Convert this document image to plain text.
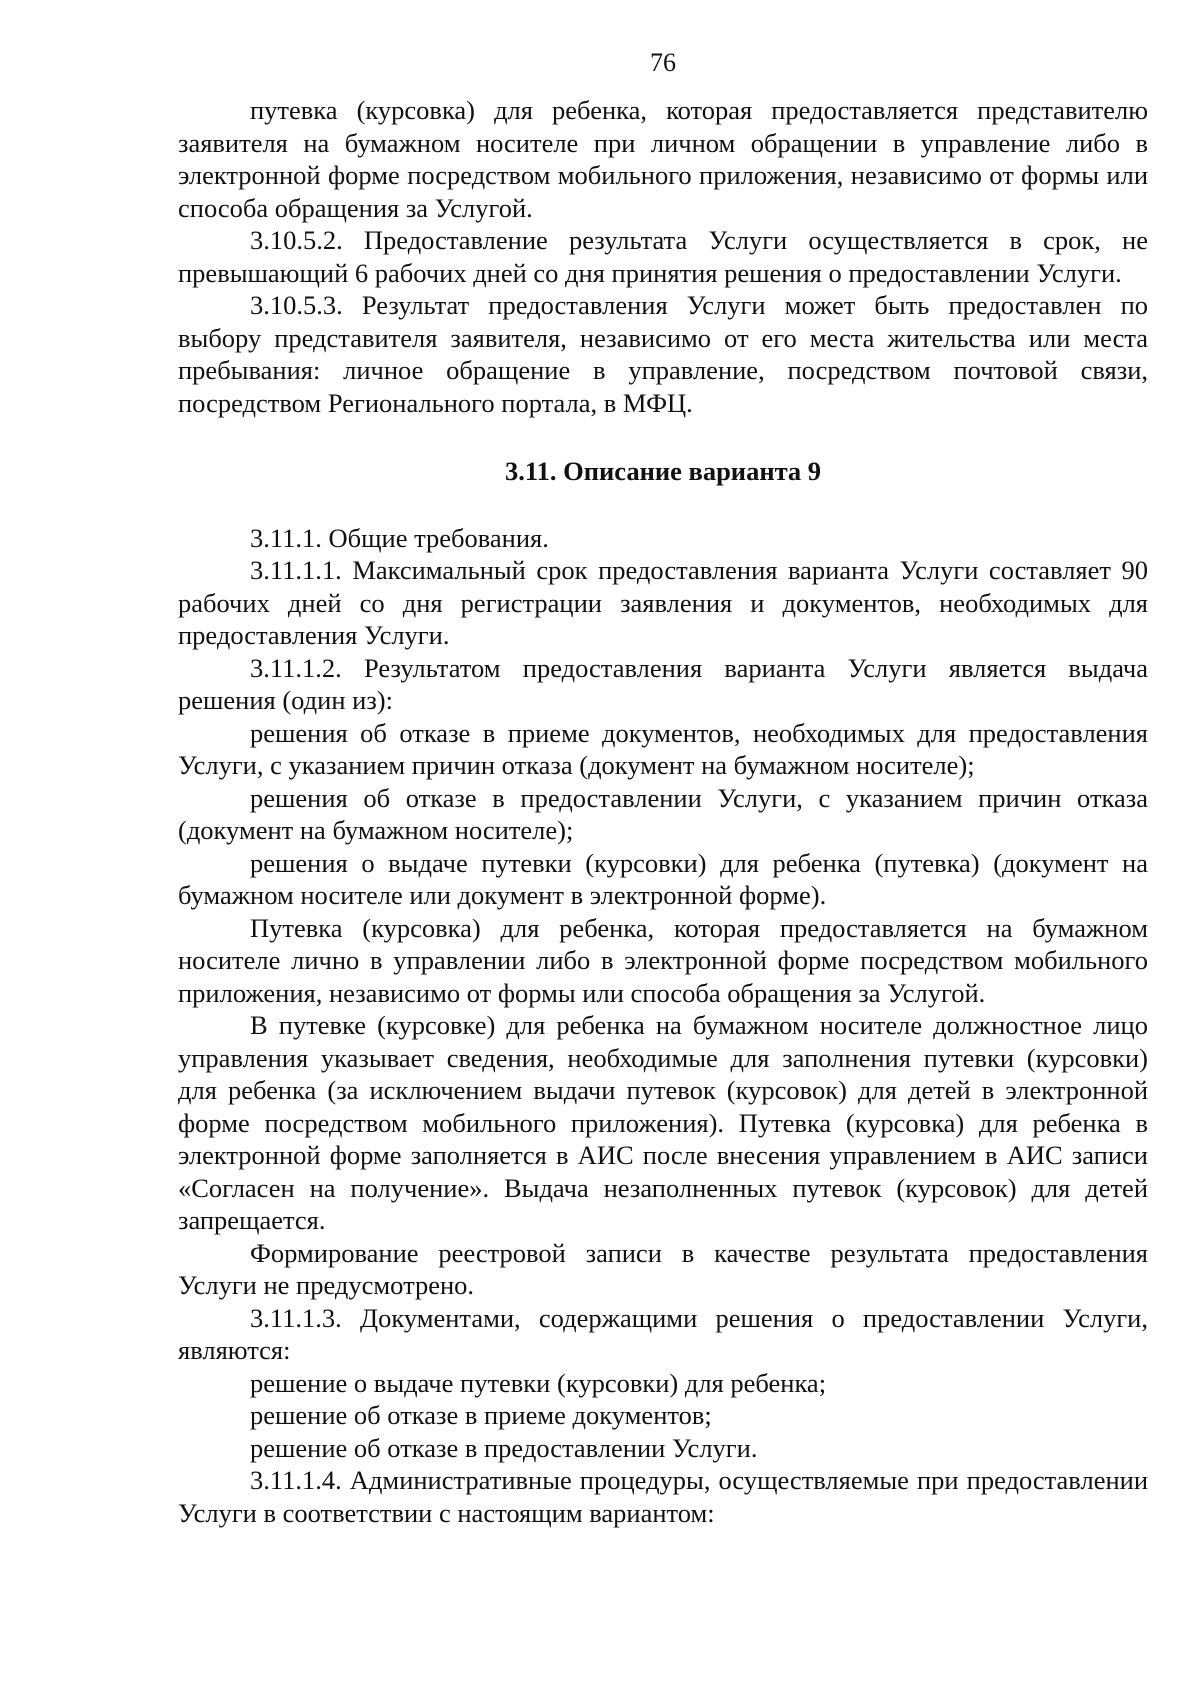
76

путевка (курсовка) для ребенка, которая предоставляется представителю заявителя на бумажном носителе при личном обращении в управление либо в электронной форме посредством мобильного приложения, независимо от формы или способа обращения за Услугой.

3.10.5.2. Предоставление результата Услуги осуществляется в срок, не превышающий 6 рабочих дней со дня принятия решения о предоставлении Услуги.

3.10.5.3. Результат предоставления Услуги может быть предоставлен по выбору представителя заявителя, независимо от его места жительства или места пребывания: личное обращение в управление, посредством почтовой связи, посредством Регионального портала, в МФЦ.

3.11. Описание варианта 9

3.11.1. Общие требования.

3.11.1.1. Максимальный срок предоставления варианта Услуги составляет 90 рабочих дней со дня регистрации заявления и документов, необходимых для предоставления Услуги.

3.11.1.2. Результатом предоставления варианта Услуги является выдача решения (один из):

решения об отказе в приеме документов, необходимых для предоставления Услуги, с указанием причин отказа (документ на бумажном носителе);

решения об отказе в предоставлении Услуги, с указанием причин отказа (документ на бумажном носителе);

решения о выдаче путевки (курсовки) для ребенка (путевка) (документ на бумажном носителе или документ в электронной форме).

Путевка (курсовка) для ребенка, которая предоставляется на бумажном носителе лично в управлении либо в электронной форме посредством мобильного приложения, независимо от формы или способа обращения за Услугой.

В путевке (курсовке) для ребенка на бумажном носителе должностное лицо управления указывает сведения, необходимые для заполнения путевки (курсовки) для ребенка (за исключением выдачи путевок (курсовок) для детей в электронной форме посредством мобильного приложения). Путевка (курсовка) для ребенка в электронной форме заполняется в АИС после внесения управлением в АИС записи «Согласен на получение». Выдача незаполненных путевок (курсовок) для детей запрещается.

Формирование реестровой записи в качестве результата предоставления Услуги не предусмотрено.

3.11.1.3. Документами, содержащими решения о предоставлении Услуги, являются:

решение о выдаче путевки (курсовки) для ребенка;

решение об отказе в приеме документов;

решение об отказе в предоставлении Услуги.

3.11.1.4. Административные процедуры, осуществляемые при предоставлении Услуги в соответствии с настоящим вариантом:
